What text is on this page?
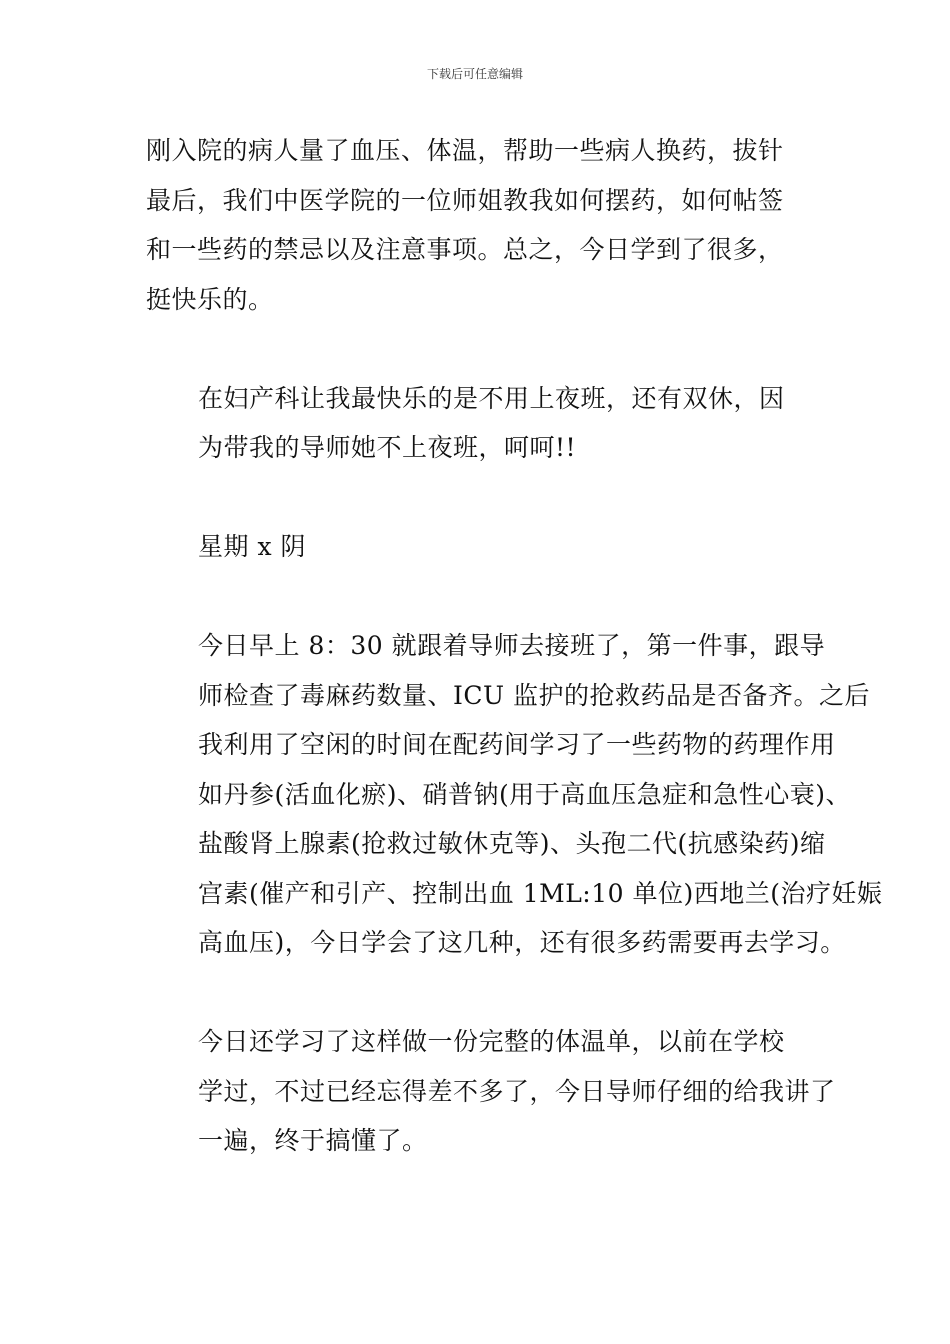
下载后可任意编辑

刚入院的病人量了血压、体温，帮助一些病人换药，拔针
最后，我们中医学院的一位师姐教我如何摆药，如何帖签
和一些药的禁忌以及注意事项。总之，今日学到了很多，
挺快乐的。

在妇产科让我最快乐的是不用上夜班，还有双休，因
为带我的导师她不上夜班，呵呵!!

星期 x 阴

今日早上 8：30 就跟着导师去接班了，第一件事，跟导
师检查了毒麻药数量、ICU 监护的抢救药品是否备齐。之后
我利用了空闲的时间在配药间学习了一些药物的药理作用
如丹参(活血化瘀)、硝普钠(用于高血压急症和急性心衰)、
盐酸肾上腺素(抢救过敏休克等)、头孢二代(抗感染药)缩
宫素(催产和引产、控制出血 1ML:10 单位)西地兰(治疗妊娠
高血压)，今日学会了这几种，还有很多药需要再去学习。

今日还学习了这样做一份完整的体温单，以前在学校
学过，不过已经忘得差不多了，今日导师仔细的给我讲了
一遍，终于搞懂了。
